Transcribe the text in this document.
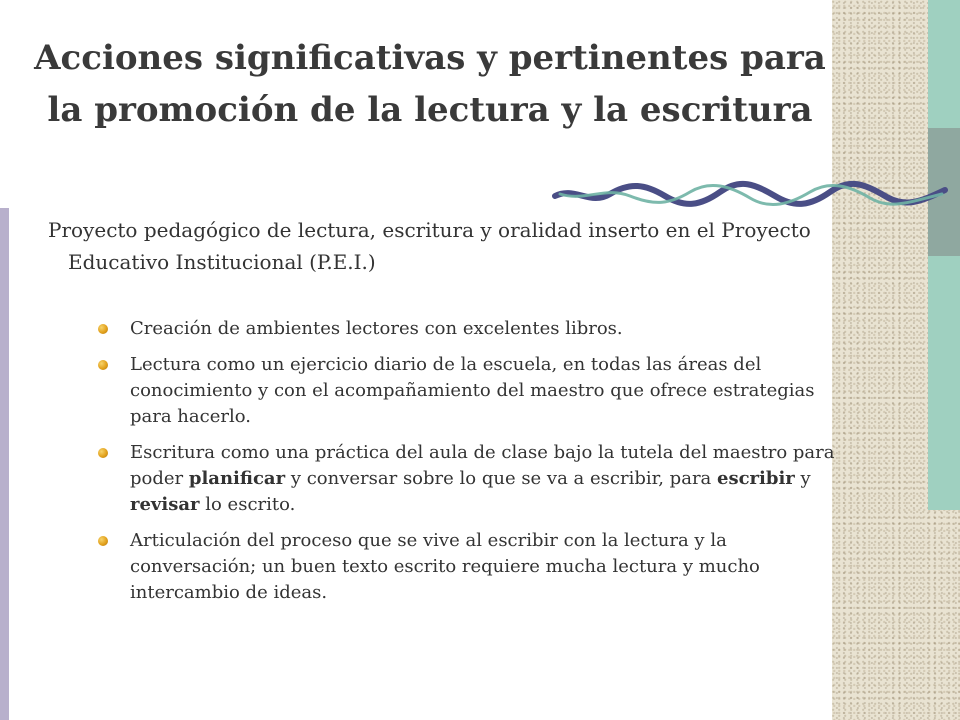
Acciones significativas y pertinentes para la promoción de la lectura y la escritura

Proyecto pedagógico de lectura, escritura y oralidad inserto en el Proyecto Educativo Institucional (P.E.I.)

Creación de ambientes lectores con excelentes libros.
Lectura como un ejercicio diario de la escuela, en todas las áreas del conocimiento y con el acompañamiento del maestro que ofrece estrategias para hacerlo.
Escritura como una práctica del aula de clase bajo la tutela del maestro para poder planificar y conversar sobre lo que se va a escribir, para escribir y revisar lo escrito.
Articulación del proceso que se vive al escribir con la lectura y la conversación; un buen texto escrito requiere mucha lectura y mucho intercambio de ideas.
